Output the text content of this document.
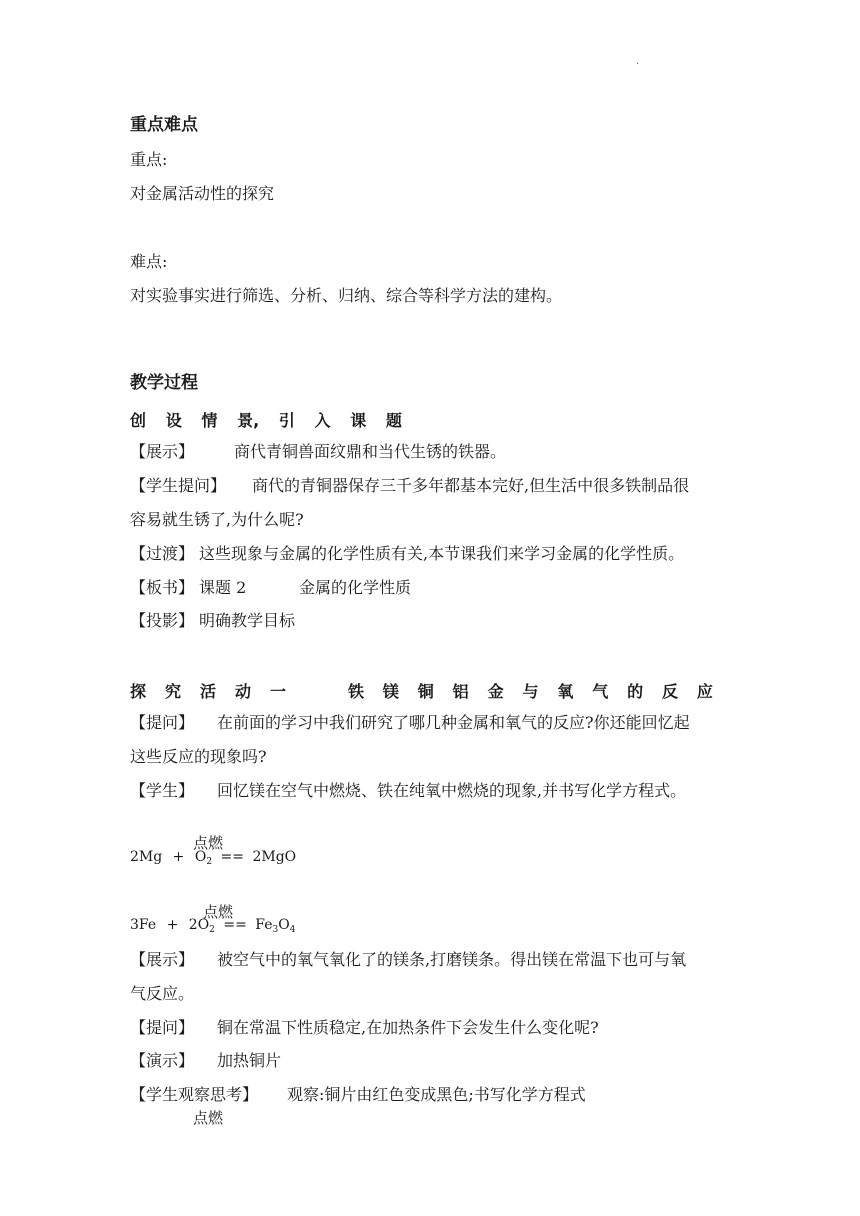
.
重点难点
重点:
对金属活动性的探究
难点:
对实验事实进行筛选、分析、归纳、综合等科学方法的建构。
教学过程
创 设 情 景, 引 入 课 题
【展示】 商代青铜兽面纹鼎和当代生锈的铁器。
【学生提问】 商代的青铜器保存三千多年都基本完好,但生活中很多铁制品很
容易就生锈了,为什么呢?
【过渡】 这些现象与金属的化学性质有关,本节课我们来学习金属的化学性质。
【板书】 课题 2	金属的化学性质
【投影】 明确教学目标
探 究 活 动 一	铁 镁 铜 铝 金 与 氧 气 的 反 应
【提问】 在前面的学习中我们研究了哪几种金属和氧气的反应?你还能回忆起
这些反应的现象吗?
【学生】 回忆镁在空气中燃烧、铁在纯氧中燃烧的现象,并书写化学方程式。
点燃
$2Mg + O_2 == 2MgO$
点燃
$3Fe + 2O_2 == Fe_3O_4$
【展示】 被空气中的氧气氧化了的镁条,打磨镁条。得出镁在常温下也可与氧
气反应。
【提问】 铜在常温下性质稳定,在加热条件下会发生什么变化呢?
【演示】 加热铜片
【学生观察思考】 观察:铜片由红色变成黑色;书写化学方程式
点燃
